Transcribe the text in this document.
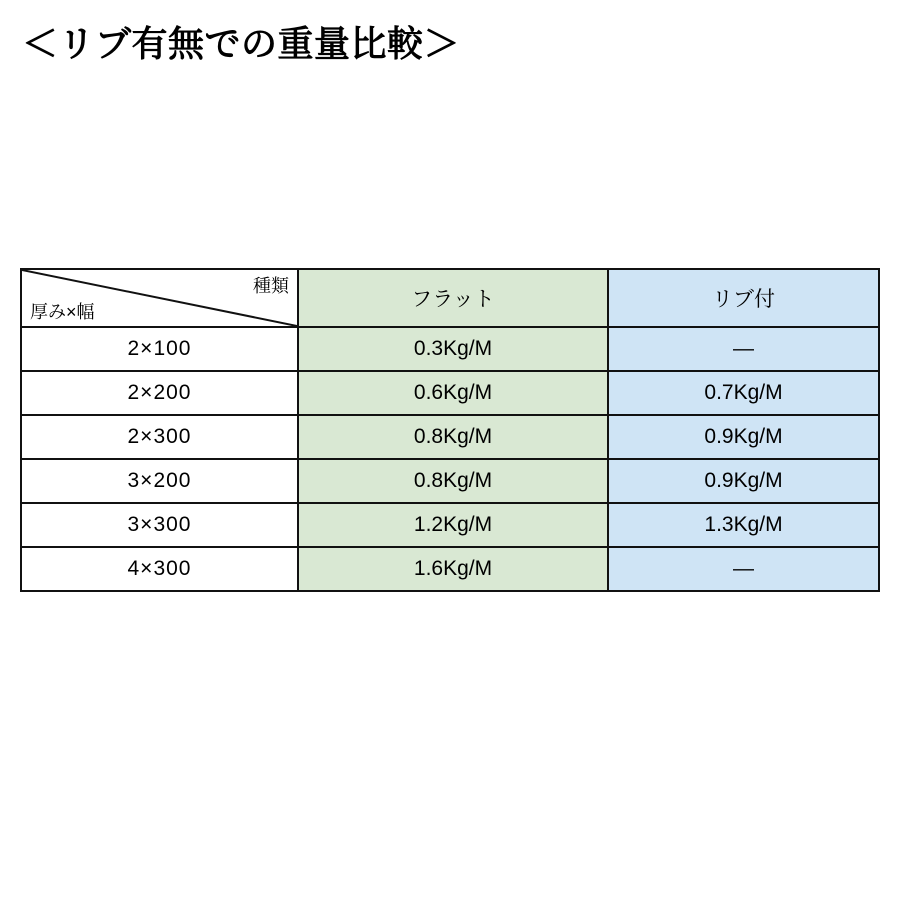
＜リブ有無での重量比較＞
種類
厚み×幅	フラット	リブ付
2×100	0.3Kg/M	―
2×200	0.6Kg/M	0.7Kg/M
2×300	0.8Kg/M	0.9Kg/M
3×200	0.8Kg/M	0.9Kg/M
3×300	1.2Kg/M	1.3Kg/M
4×300	1.6Kg/M	―
